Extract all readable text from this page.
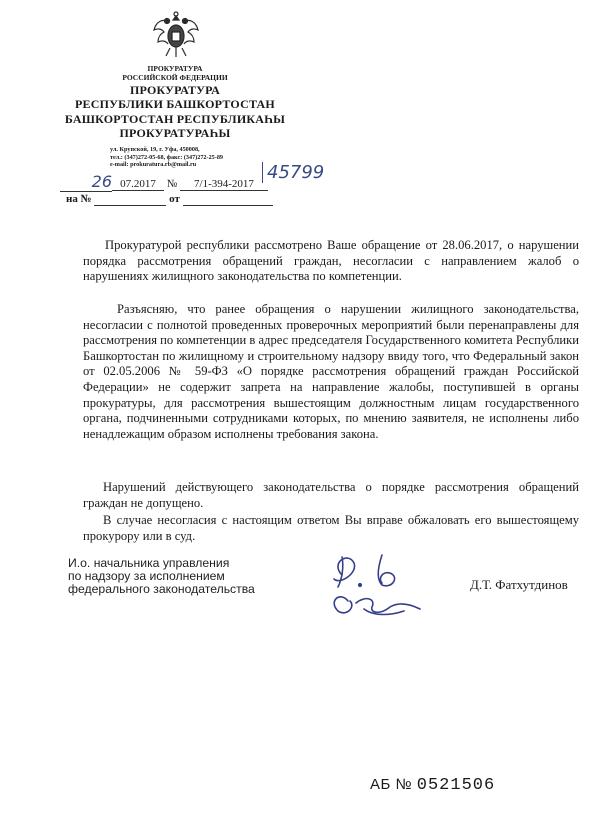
ПРОКУРАТУРА
РОССИЙСКОЙ ФЕДЕРАЦИИ
ПРОКУРАТУРА
РЕСПУБЛИКИ БАШКОРТОСТАН
БАШКОРТОСТАН РЕСПУБЛИКАҺЫ
ПРОКУРАТУРАҺЫ
ул. Крупской, 19, г. Уфа, 450008,
тел.: (347)272-05-68, факс: (347)272-25-89
e-mail: prokuratura.rb@mail.ru
26 07.2017 № 7/1-394-2017
45799
на №	от

Прокуратурой республики рассмотрено Ваше обращение от 28.06.2017, о нарушении порядка рассмотрения обращений граждан, несогласии с направлением жалоб о нарушениях жилищного законодательства по компетенции.

Разъясняю, что ранее обращения о нарушении жилищного законодательства, несогласии с полнотой проведенных проверочных мероприятий были перенаправлены для рассмотрения по компетенции в адрес председателя Государственного комитета Республики Башкортостан по жилищному и строительному надзору ввиду того, что Федеральный закон от 02.05.2006 № 59-ФЗ «О порядке рассмотрения обращений граждан Российской Федерации» не содержит запрета на направление жалобы, поступившей в органы прокуратуры, для рассмотрения вышестоящим должностным лицам государственного органа, подчиненными сотрудниками которых, по мнению заявителя, не исполнены либо ненадлежащим образом исполнены требования закона.

Нарушений действующего законодательства о порядке рассмотрения обращений граждан не допущено.

В случае несогласия с настоящим ответом Вы вправе обжаловать его вышестоящему прокурору или в суд.

И.о. начальника управления
по надзору за исполнением
федерального законодательства	Д.Т. Фатхутдинов
АБ № 0521506
